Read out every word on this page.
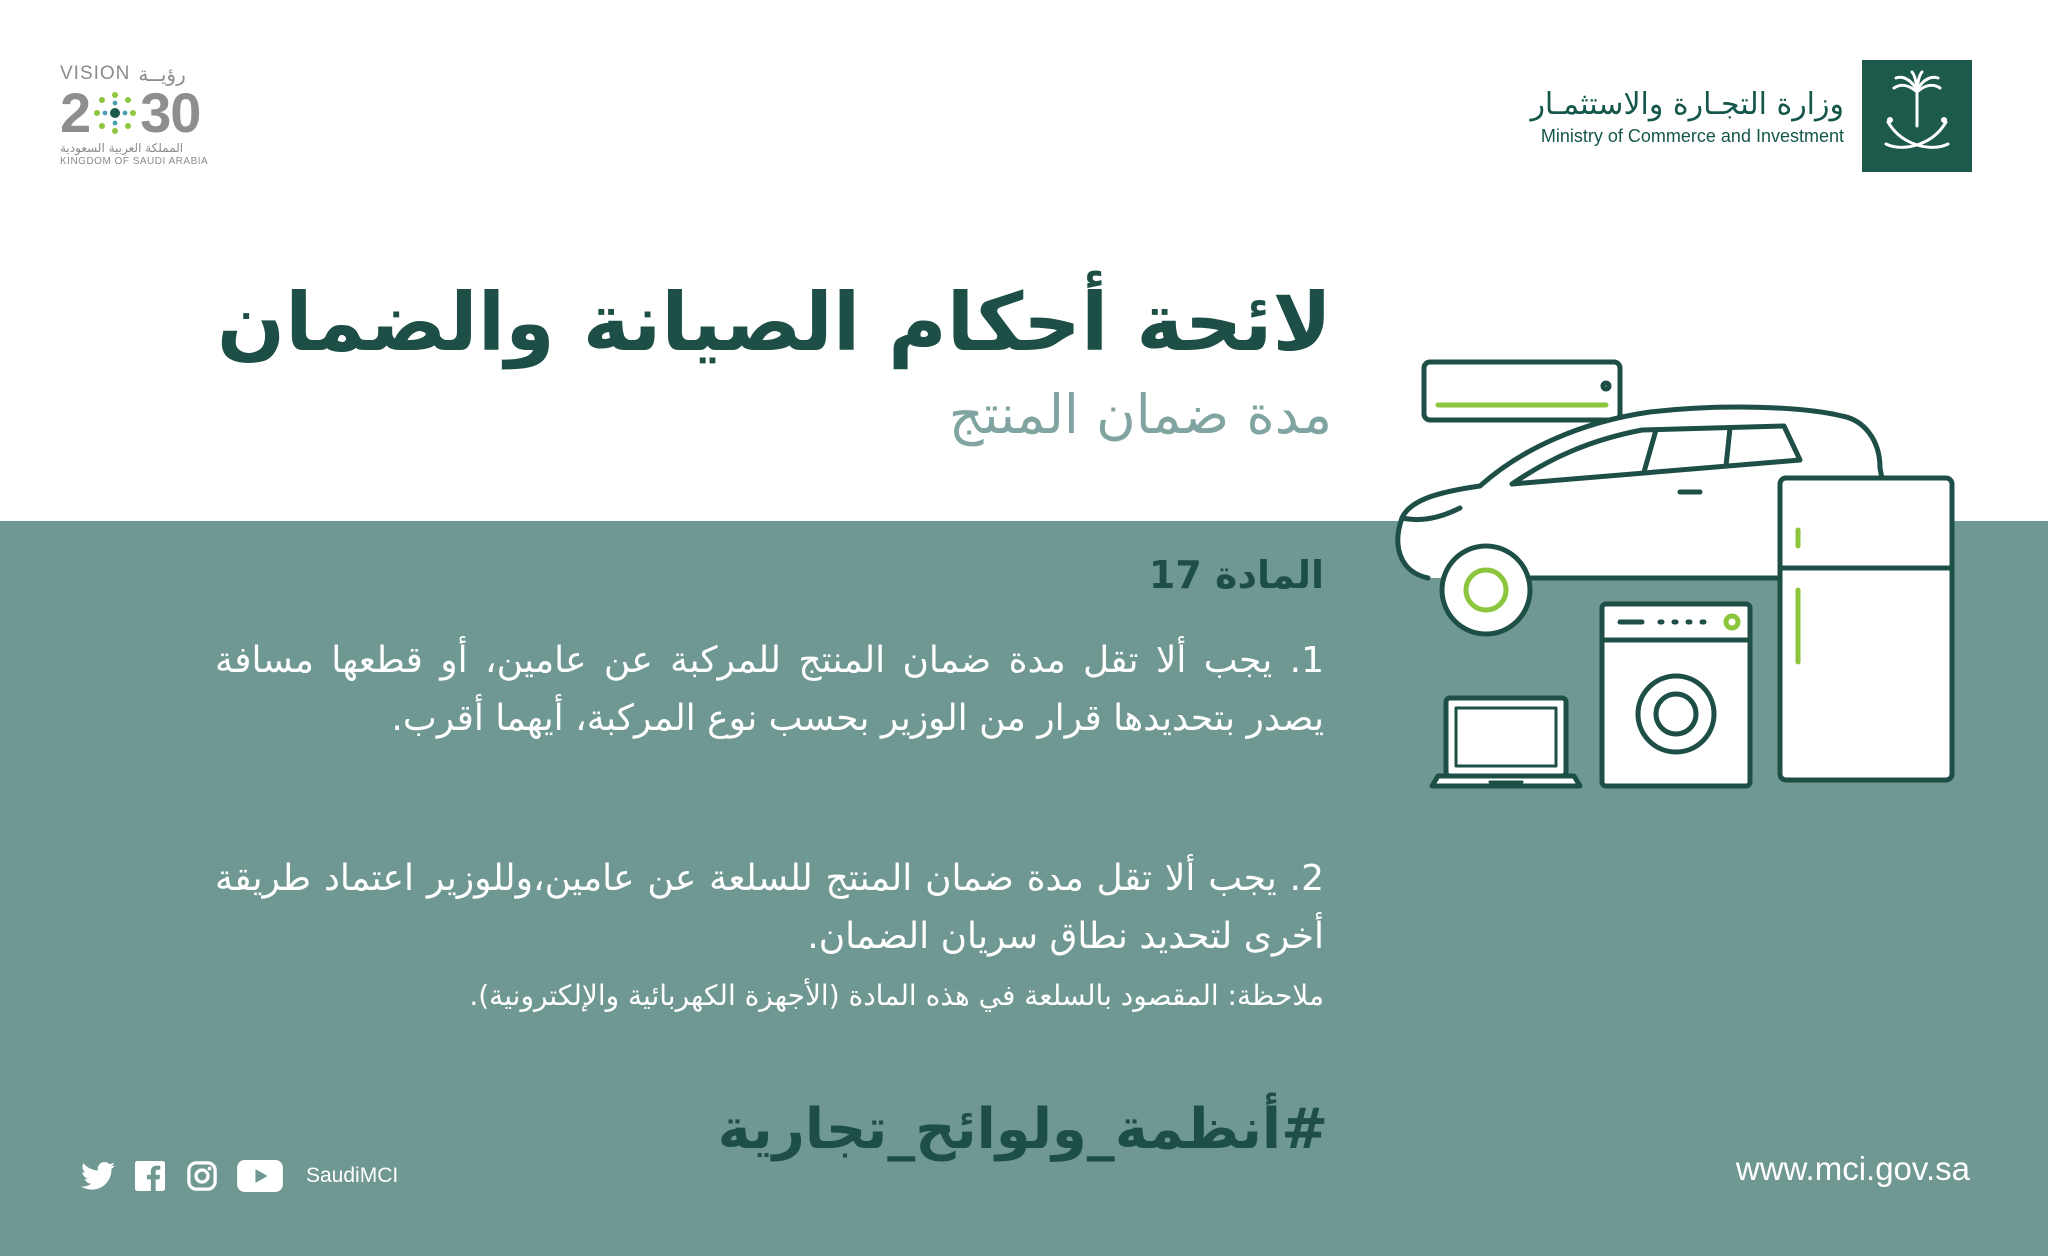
VISION رؤيــة
2 30
المملكة العربية السعودية
KINGDOM OF SAUDI ARABIA
وزارة التجـارة والاستثمـار
Ministry of Commerce and Investment
لائحة أحكام الصيانة والضمان
مدة ضمان المنتج
المادة 17

1. يجب ألا تقل مدة ضمان المنتج للمركبة عن عامين، أو قطعها مسافة يصدر بتحديدها قرار من الوزير بحسب نوع المركبة، أيهما أقرب.

2. يجب ألا تقل مدة ضمان المنتج للسلعة عن عامين،وللوزير اعتماد طريقة أخرى لتحديد نطاق سريان الضمان.

ملاحظة: المقصود بالسلعة في هذه المادة (الأجهزة الكهربائية والإلكترونية).
#أنظمة_ولوائح_تجارية
SaudiMCI	www.mci.gov.sa
